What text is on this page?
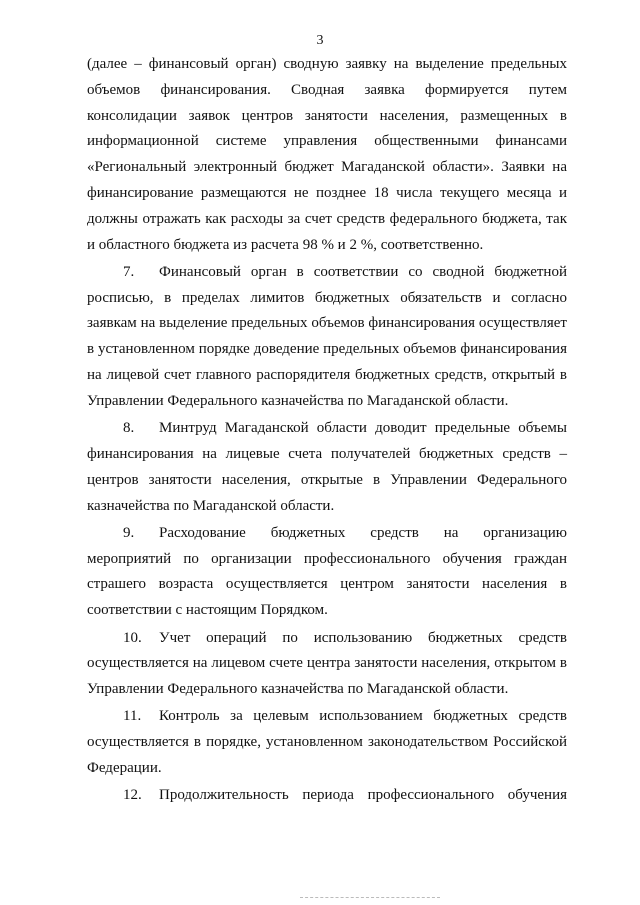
3

(далее – финансовый орган) сводную заявку на выделение предельных объемов финансирования. Сводная заявка формируется путем консолидации заявок центров занятости населения, размещенных в информационной системе управления общественными финансами «Региональный электронный бюджет Магаданской области». Заявки на финансирование размещаются не позднее 18 числа текущего месяца и должны отражать как расходы за счет средств федерального бюджета, так и областного бюджета из расчета 98 % и 2 %, соответственно.

7. Финансовый орган в соответствии со сводной бюджетной росписью, в пределах лимитов бюджетных обязательств и согласно заявкам на выделение предельных объемов финансирования осуществляет в установленном порядке доведение предельных объемов финансирования на лицевой счет главного распорядителя бюджетных средств, открытый в Управлении Федерального казначейства по Магаданской области.

8. Минтруд Магаданской области доводит предельные объемы финансирования на лицевые счета получателей бюджетных средств – центров занятости населения, открытые в Управлении Федерального казначейства по Магаданской области.

9. Расходование бюджетных средств на организацию мероприятий по организации профессионального обучения граждан страшего возраста осуществляется центром занятости населения в соответствии с настоящим Порядком.

10. Учет операций по использованию бюджетных средств осуществляется на лицевом счете центра занятости населения, открытом в Управлении Федерального казначейства по Магаданской области.

11. Контроль за целевым использованием бюджетных средств осуществляется в порядке, установленном законодательством Российской Федерации.

12. Продолжительность периода профессионального обучения
